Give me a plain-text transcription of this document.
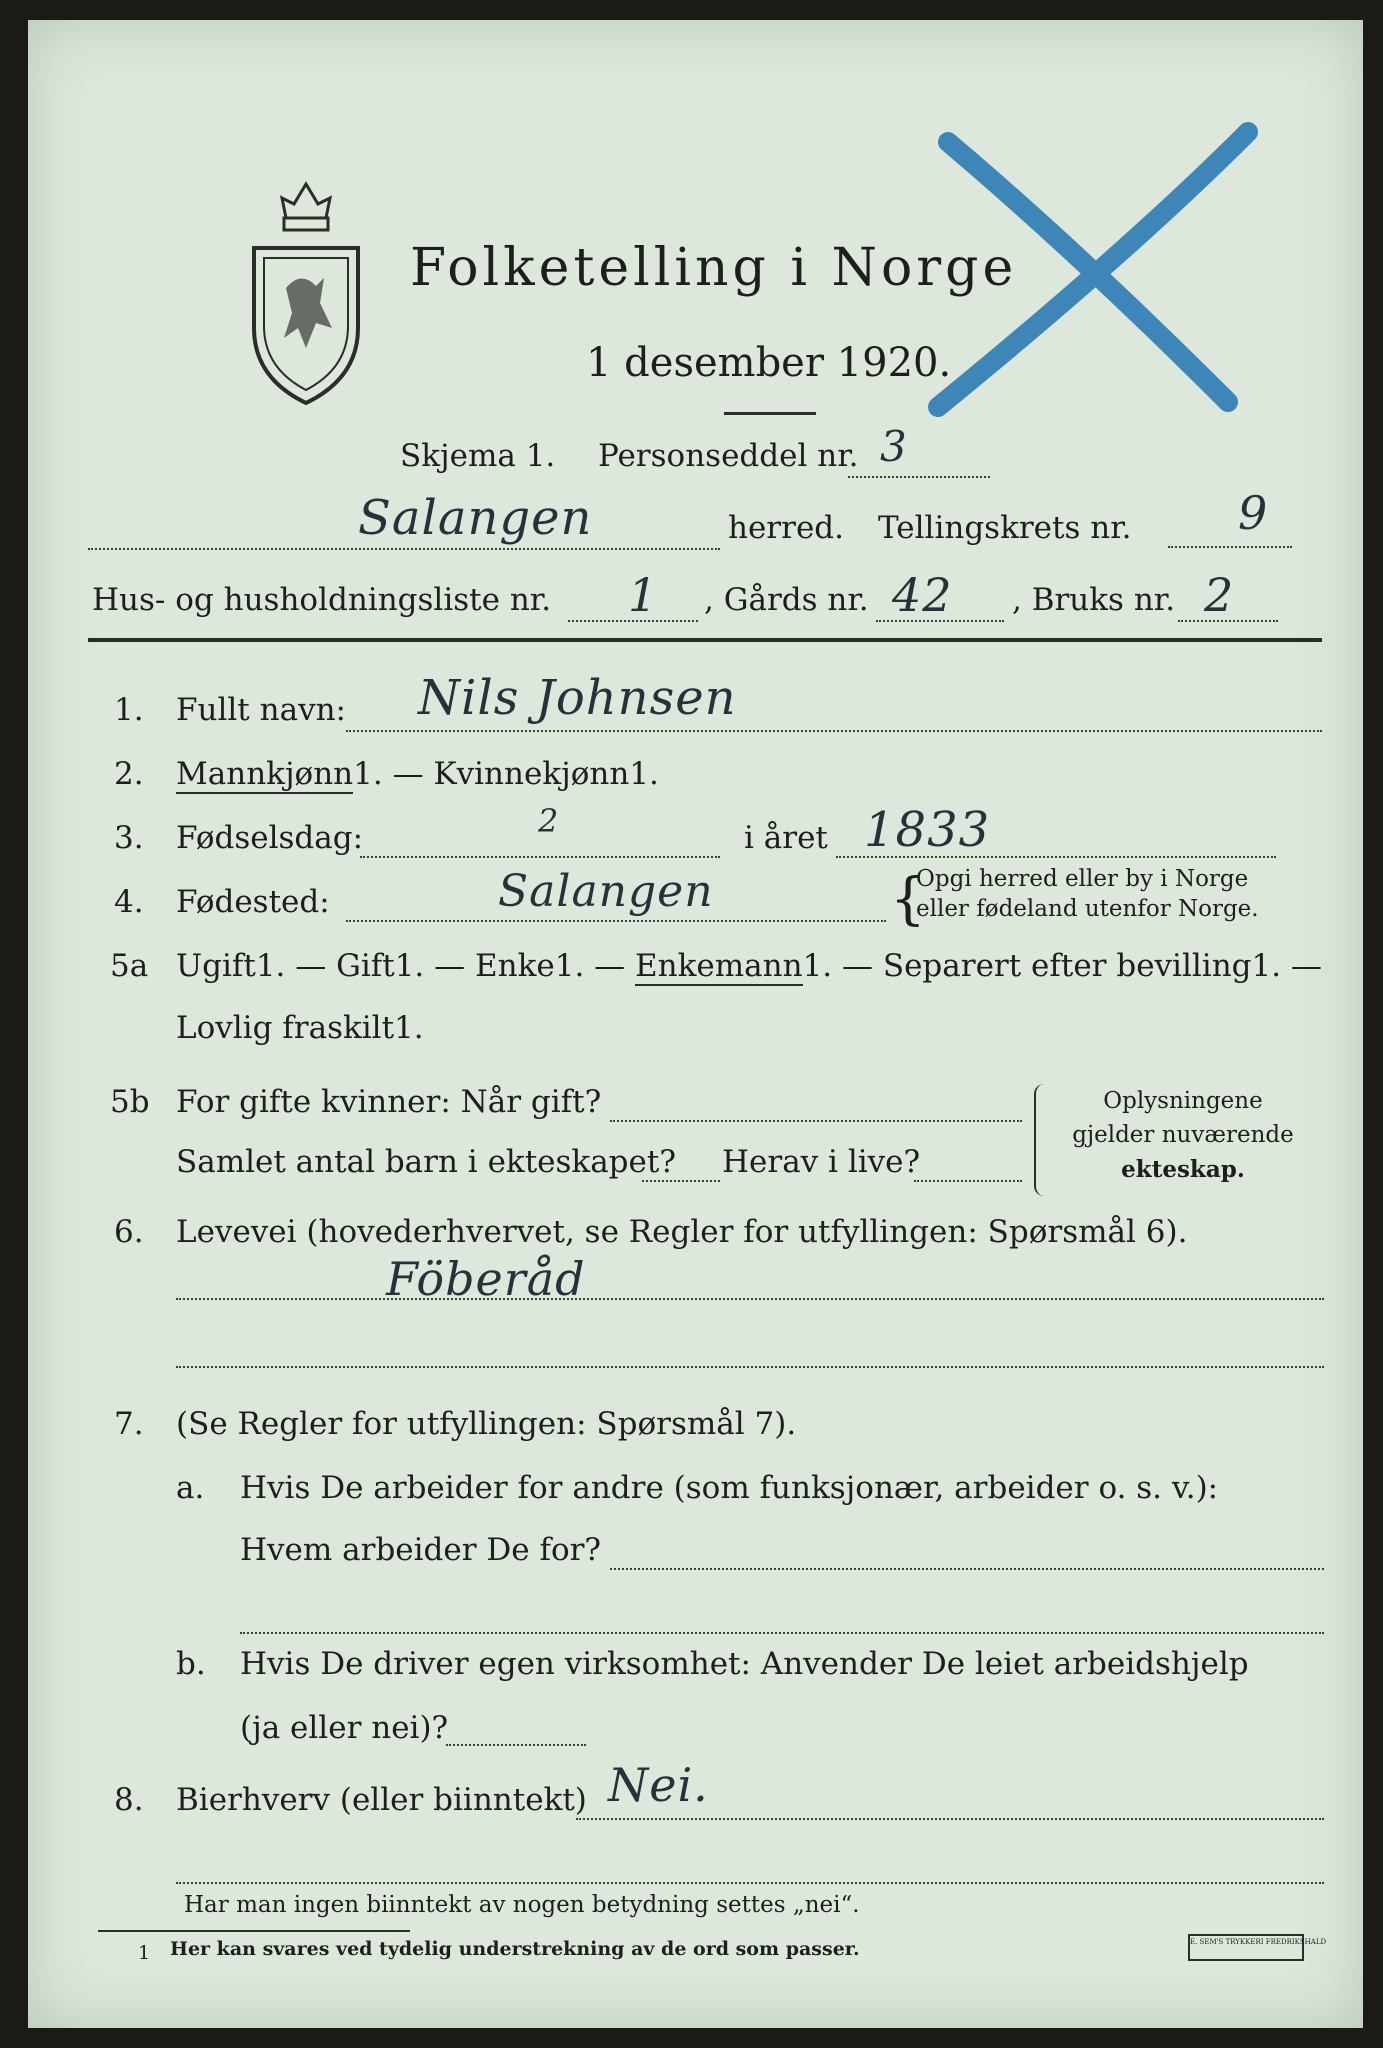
Folketelling i Norge
1 desember 1920.
Skjema 1. Personseddel nr. 3
Salangen	herred. Tellingskrets nr. 9
Hus- og husholdningsliste nr. 1 , Gårds nr. 42 , Bruks nr. 2
1. Fullt navn: Nils Johnsen
2. Mannkjønn1. — Kvinnekjønn1.
3. Fødselsdag:	2	i året 1833
4. Fødested:	Salangen	{
Opgi herred eller by i Norge
eller fødeland utenfor Norge.
5a Ugift1. — Gift1. — Enke1. — Enkemann1. — Separert efter bevilling1. —
Lovlig fraskilt1.
5b For gifte kvinner: Når gift?
Samlet antal barn i ekteskapet? Herav i live?
Oplysningene
gjelder nuværende
ekteskap.
6. Levevei (hovederhvervet, se Regler for utfyllingen: Spørsmål 6).
Föberåd
7. (Se Regler for utfyllingen: Spørsmål 7).
a. Hvis De arbeider for andre (som funksjonær, arbeider o. s. v.):
Hvem arbeider De for?
b. Hvis De driver egen virksomhet: Anvender De leiet arbeidshjelp
(ja eller nei)?
8. Bierhverv (eller biinntekt) Nei.
Har man ingen biinntekt av nogen betydning settes „nei“.
1 Her kan svares ved tydelig understrekning av de ord som passer.	E. SEM'S TRYKKERI FREDRIKSHALD
